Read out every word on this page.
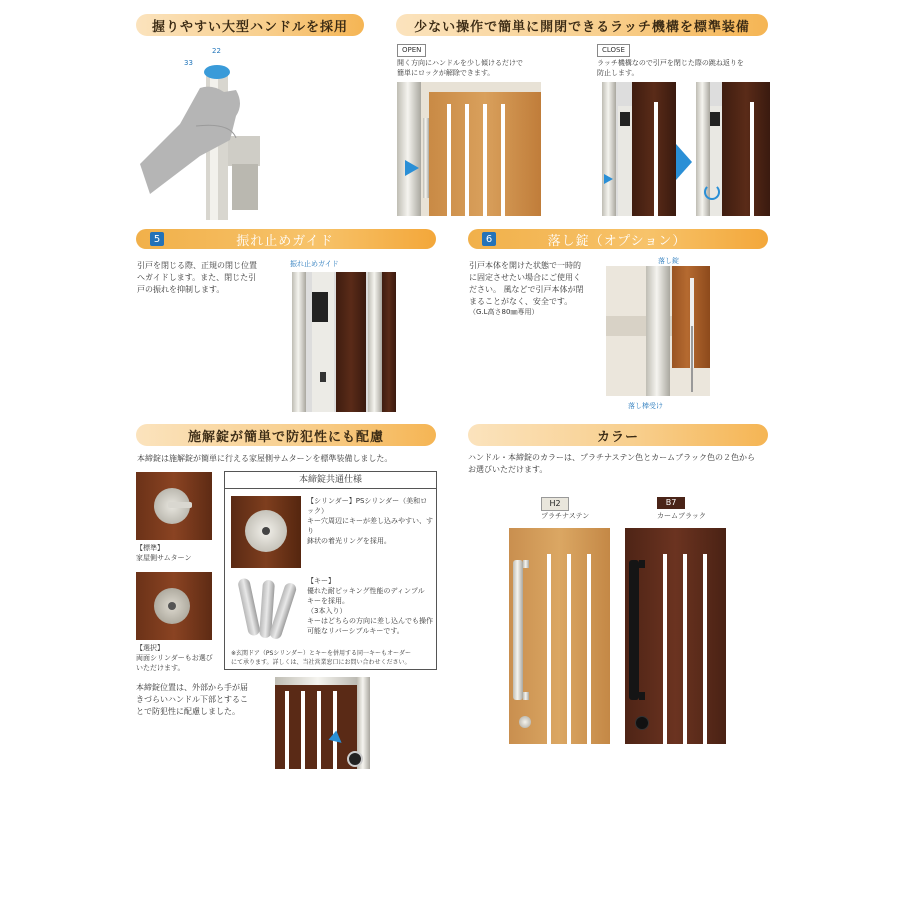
握りやすい大型ハンドルを採用
22
33
少ない操作で簡単に開閉できるラッチ機構を標準装備
OPEN
開く方向にハンドルを少し傾けるだけで
簡単にロックが解除できます。
CLOSE
ラッチ機構なので引戸を閉じた際の跳ね返りを
防止します。
5	振れ止めガイド
引戸を閉じる際、正規の閉じ位置
へガイドします。また、閉じた引
戸の振れを抑制します。
振れ止めガイド
6	落し錠（オプション）
引戸本体を開けた状態で一時的
に固定させたい場合にご使用く
ださい。 風などで引戸本体が閉
まることがなく、安全です。
（G.L高さ80㎜専用）
落し錠
落し棒受け
施解錠が簡単で防犯性にも配慮
本締錠は施解錠が簡単に行える家屋側サムターンを標準装備しました。
【標準】
家屋側サムターン
【選択】
両面シリンダーもお選び
いただけます。
本締錠共通仕様
【シリンダー】PSシリンダー（美和ロック）
キー穴周辺にキーが差し込みやすい、すり
鉢状の着光リングを採用。
【キー】
優れた耐ピッキング性能のディンプル
キーを採用。
（3本入り）
キーはどちらの方向に差し込んでも操作
可能なリバーシブルキーです。
※玄関ドア（PSシリンダー）とキーを併用する同一キーもオーダー
にて承ります。詳しくは、当社営業窓口にお問い合わせください。
本締錠位置は、外部から手が届
きづらいハンドル下部とするこ
とで防犯性に配慮しました。
カラー
ハンドル・本締錠のカラーは、プラチナステン色とカームブラック色の２色から
お選びいただけます。
H2
プラチナステン
B7
カームブラック
